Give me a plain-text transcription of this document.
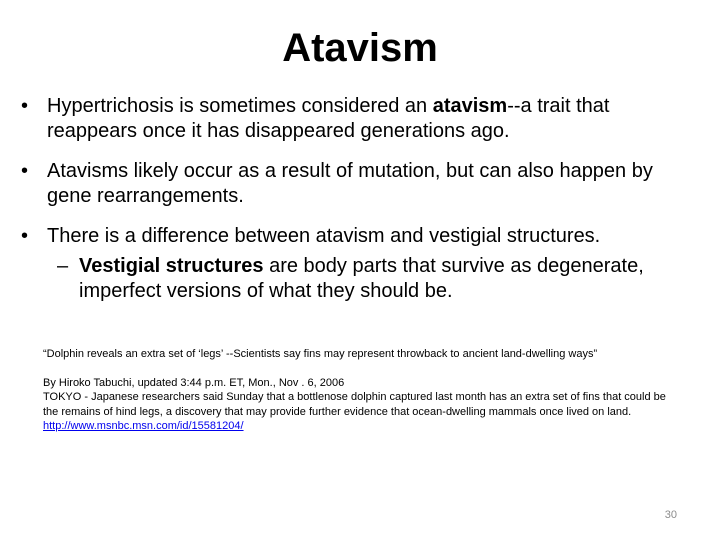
Atavism
• Hypertrichosis is sometimes considered an atavism--a trait that reappears once it has disappeared generations ago.
• Atavisms likely occur as a result of mutation, but can also happen by gene rearrangements.
• There is a difference between atavism and vestigial structures.
– Vestigial structures are body parts that survive as degenerate, imperfect versions of what they should be.
“Dolphin reveals an extra set of ‘legs’ --Scientists say fins may represent throwback to ancient land-dwelling ways”
By Hiroko Tabuchi, updated 3:44 p.m. ET, Mon., Nov . 6, 2006
TOKYO - Japanese researchers said Sunday that a bottlenose dolphin captured last month has an extra set of fins that could be the remains of hind legs, a discovery that may provide further evidence that ocean-dwelling mammals once lived on land.
http://www.msnbc.msn.com/id/15581204/
30
